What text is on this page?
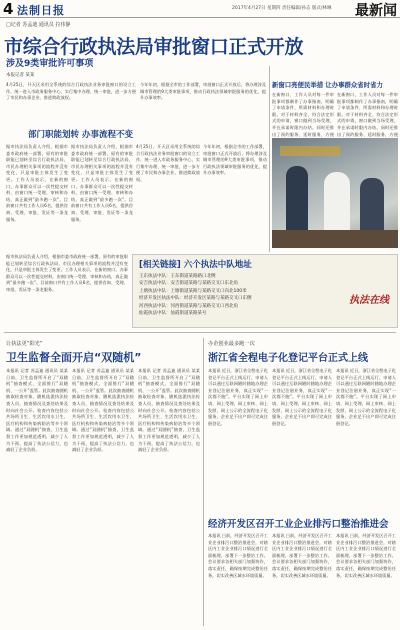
4 法制日报	2017年4月27日 星期四 责任编辑/孙志 版式/林琳 最新闻
□记者 苏孟迪 通讯员 拉伟静
市综合行政执法局审批窗口正式开放
涉及9类审批许可事项
本报记者 某某
4月25日，开天区采用全系统的综合行政执法业务审批窗口的设立工作，统一进入市政务服务中心，实行集中办理、统一审批，进一步方便了市民和办事企业，推进简政放权。
今年年初，根据全市的工作部署，审批窗口正式开放后，将办理涉及城市管理的9大类审批事项，推动行政执法领域审批服务的优化，提升办事效率。
部门职能划转 办事流程不变
据市执法局负责人介绍，根据市委市政府统一部署，原有的审批职能已划转至综合行政执法局，市民办理相关事项的流程并没有变化，只是审批主体发生了变更。工作人员表示，在新的窗口，办事群众可以一次性提交材料，由窗口统一受理、审核和办结，真正做到“最多跑一次”。目前窗口共有工作人员6名，提供咨询、受理、审批、发证等一条龙服务。
据市执法局负责人介绍，根据市委市政府统一部署，原有的审批职能已划转至综合行政执法局，市民办理相关事项的流程并没有变化，只是审批主体发生了变更。工作人员表示，在新的窗口，办事群众可以一次性提交材料，由窗口统一受理、审核和办结，真正做到“最多跑一次”。目前窗口共有工作人员6名，提供咨询、受理、审批、发证等一条龙服务。
4月25日，开天区采用全系统的综合行政执法业务审批窗口的设立工作，统一进入市政务服务中心，实行集中办理、统一审批，进一步方便了市民和办事企业，推进简政放权。
今年年初，根据全市的工作部署，审批窗口正式开放后，将办理涉及城市管理的9大类审批事项，推动行政执法领域审批服务的优化，提升办事效率。
新窗口亮便民举措 让办事群众省时省力
在新窗口，工作人员对每一件审批事项都制作了办事指南，明确了申请条件、所需材料和办理时限。对于材料齐全、符合法定形式的申请，窗口做到当场受理，并在承诺时限内办结。同时还推出了预约服务、延时服务，方便
在新窗口，工作人员对每一件审批事项都制作了办事指南，明确了申请条件、所需材料和办理时限。对于材料齐全、符合法定形式的申请，窗口做到当场受理，并在承诺时限内办结。同时还推出了预约服务、延时服务，方便
据市执法局负责人介绍，根据市委市政府统一部署，原有的审批职能已划转至综合行政执法局，市民办理相关事项的流程并没有变化，只是审批主体发生了变更。工作人员表示，在新的窗口，办事群众可以一次性提交材料，由窗口统一受理、审核和办结，真正做到“最多跑一次”。目前窗口共有工作人员6名，提供咨询、受理、审批、发证等一条龙服务。
[相关链接] 六个执法中队地址
王东执法中队：王东街道某路路口北侧
安吉执法中队：安吉街道某路与某路交叉口东北角
上塘执法中队：上塘街道某路与某路交叉口向北100米
经济开发区执法中队：经济开发区某路与某路交叉口东侧
河西执法中队：河西街道某路与某路交叉口西北角
仙霞执法中队：仙霞街道某路某号
执法在线
让执法更“阳光”
卫生监督全面开启“双随机”
本报讯 记者 苏孟迪 通讯员 某某 日前，卫生监督所开启了“双随机”抽查模式，全面推行“双随机、一公开”监管。此次抽查随机抽取检查对象、随机选派执法检查人员，抽查情况及查处结果及时向社会公开。检查内容包括公共场所卫生、生活饮用水卫生、医疗机构和传染病防治等多个领域。通过“双随机”抽查，卫生监督工作更加规范透明，减少了人为干预，提高了执法公信力，也减轻了企业负担。
本报讯 记者 苏孟迪 通讯员 某某 日前，卫生监督所开启了“双随机”抽查模式，全面推行“双随机、一公开”监管。此次抽查随机抽取检查对象、随机选派执法检查人员，抽查情况及查处结果及时向社会公开。检查内容包括公共场所卫生、生活饮用水卫生、医疗机构和传染病防治等多个领域。通过“双随机”抽查，卫生监督工作更加规范透明，减少了人为干预，提高了执法公信力，也减轻了企业负担。
本报讯 记者 苏孟迪 通讯员 某某 日前，卫生监督所开启了“双随机”抽查模式，全面推行“双随机、一公开”监管。此次抽查随机抽取检查对象、随机选派执法检查人员，抽查情况及查处结果及时向社会公开。检查内容包括公共场所卫生、生活饮用水卫生、医疗机构和传染病防治等多个领域。通过“双随机”抽查，卫生监督工作更加规范透明，减少了人为干预，提高了执法公信力，也减轻了企业负担。
办企创业最多跑一次
浙江省全程电子化登记平台正式上线
本报讯 近日，浙江省全程电子化登记平台正式上线运行，申请人可以通过互联网随时随地办理企业登记注册业务，真正实现“一次都不跑”。平台实现了网上申请、网上受理、网上审核、网上发照、网上公示的全流程电子化服务，企业足不出户即可完成注册登记。
本报讯 近日，浙江省全程电子化登记平台正式上线运行，申请人可以通过互联网随时随地办理企业登记注册业务，真正实现“一次都不跑”。平台实现了网上申请、网上受理、网上审核、网上发照、网上公示的全流程电子化服务，企业足不出户即可完成注册登记。
本报讯 近日，浙江省全程电子化登记平台正式上线运行，申请人可以通过互联网随时随地办理企业登记注册业务，真正实现“一次都不跑”。平台实现了网上申请、网上受理、网上审核、网上发照、网上公示的全流程电子化服务，企业足不出户即可完成注册登记。
经济开发区召开工业企业排污口整治推进会
本报讯 日前，经济开发区召开工业企业排污口整治推进会，对辖区内工业企业排污口情况进行全面梳理，部署下一步整治工作。会议要求各相关部门加强协作，落实责任，确保按期完成整治任务，切实改善区域水环境质量。
本报讯 日前，经济开发区召开工业企业排污口整治推进会，对辖区内工业企业排污口情况进行全面梳理，部署下一步整治工作。会议要求各相关部门加强协作，落实责任，确保按期完成整治任务，切实改善区域水环境质量。
本报讯 日前，经济开发区召开工业企业排污口整治推进会，对辖区内工业企业排污口情况进行全面梳理，部署下一步整治工作。会议要求各相关部门加强协作，落实责任，确保按期完成整治任务，切实改善区域水环境质量。
